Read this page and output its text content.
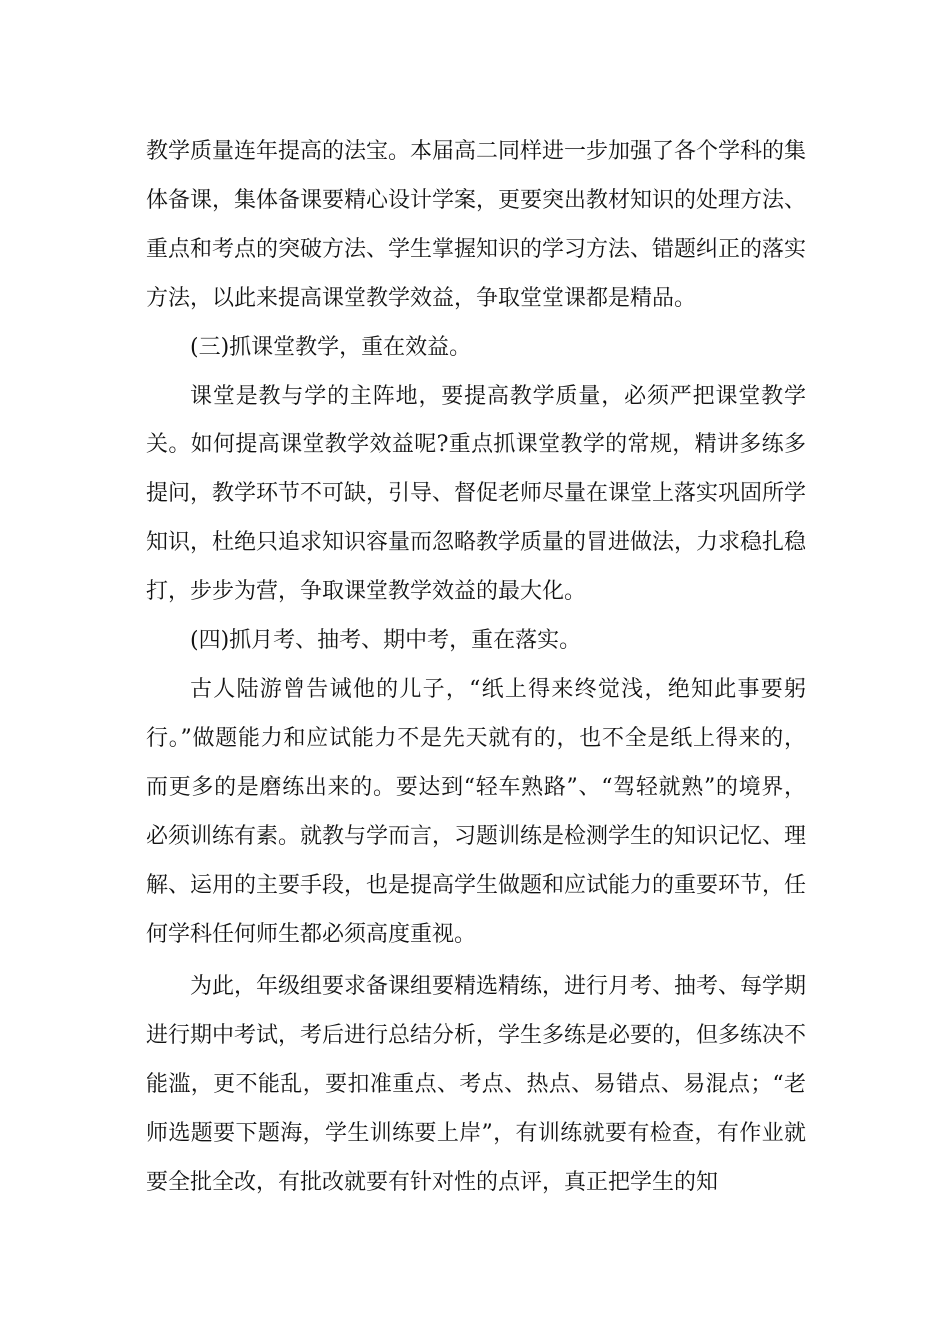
教学质量连年提高的法宝。本届高二同样进一步加强了各个学科的集体备课，集体备课要精心设计学案，更要突出教材知识的处理方法、重点和考点的突破方法、学生掌握知识的学习方法、错题纠正的落实方法，以此来提高课堂教学效益，争取堂堂课都是精品。

(三)抓课堂教学，重在效益。

课堂是教与学的主阵地，要提高教学质量，必须严把课堂教学关。如何提高课堂教学效益呢?重点抓课堂教学的常规，精讲多练多提问，教学环节不可缺，引导、督促老师尽量在课堂上落实巩固所学知识，杜绝只追求知识容量而忽略教学质量的冒进做法，力求稳扎稳打，步步为营，争取课堂教学效益的最大化。

(四)抓月考、抽考、期中考，重在落实。

古人陆游曾告诫他的儿子，“纸上得来终觉浅，绝知此事要躬行。”做题能力和应试能力不是先天就有的，也不全是纸上得来的，而更多的是磨练出来的。要达到“轻车熟路”、“驾轻就熟”的境界，必须训练有素。就教与学而言，习题训练是检测学生的知识记忆、理解、运用的主要手段，也是提高学生做题和应试能力的重要环节，任何学科任何师生都必须高度重视。

为此，年级组要求备课组要精选精练，进行月考、抽考、每学期进行期中考试，考后进行总结分析，学生多练是必要的，但多练决不能滥，更不能乱，要扣准重点、考点、热点、易错点、易混点；“老师选题要下题海，学生训练要上岸”，有训练就要有检查，有作业就要全批全改，有批改就要有针对性的点评，真正把学生的知
